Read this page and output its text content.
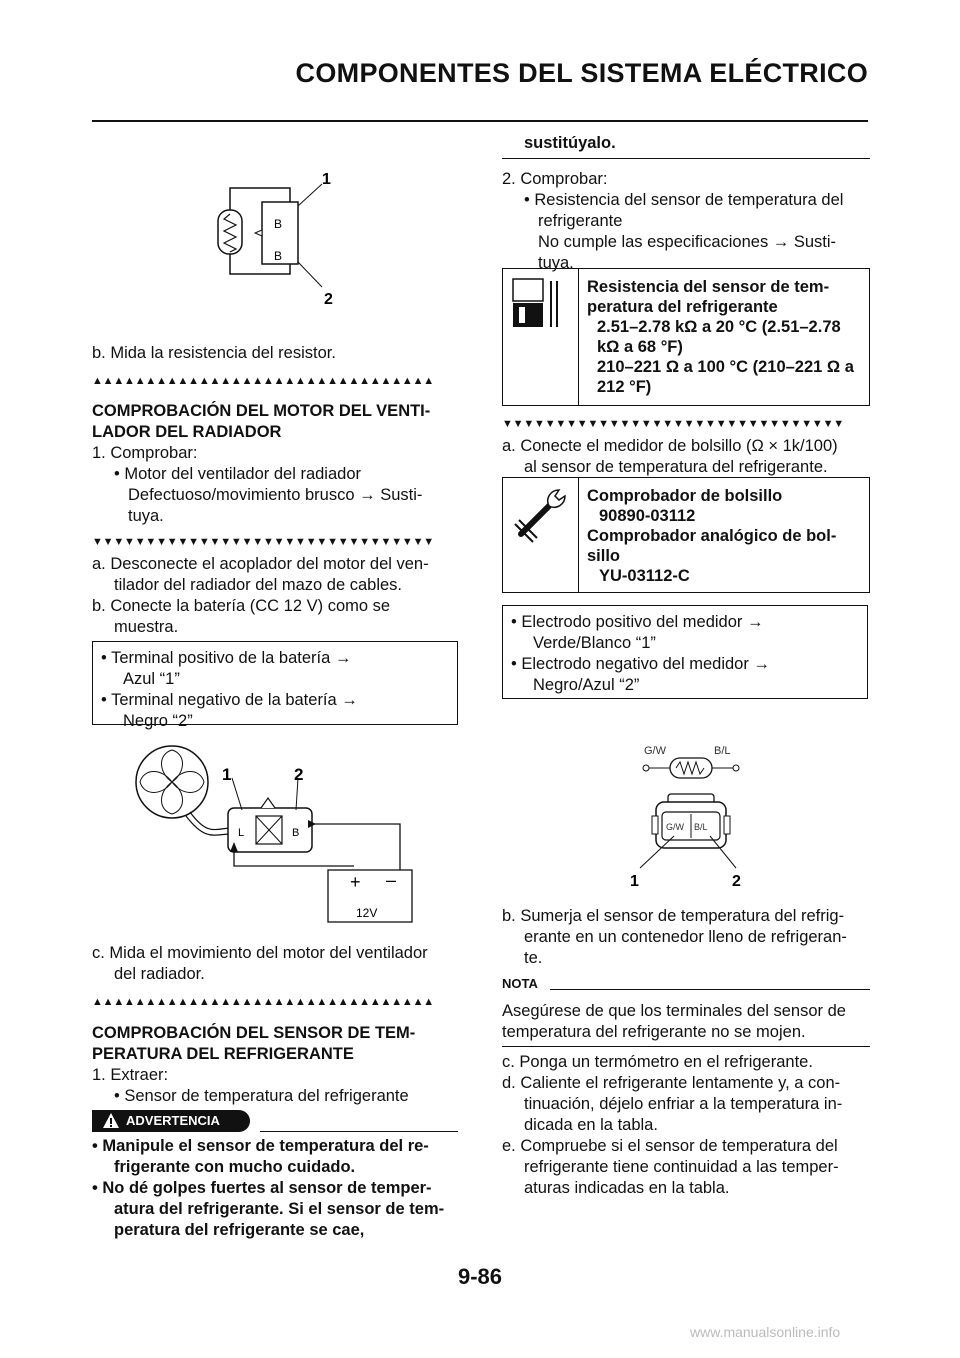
COMPONENTES DEL SISTEMA ELÉCTRICO
B
B
1
2

b. Mida la resistencia del resistor.

▲▲▲▲▲▲▲▲▲▲▲▲▲▲▲▲▲▲▲▲▲▲▲▲▲▲▲▲▲▲▲▲

COMPROBACIÓN DEL MOTOR DEL VENTI-

LADOR DEL RADIADOR

1. Comprobar:

• Motor del ventilador del radiador

Defectuoso/movimiento brusco → Susti-

tuya.

▼▼▼▼▼▼▼▼▼▼▼▼▼▼▼▼▼▼▼▼▼▼▼▼▼▼▼▼▼▼▼▼

a. Desconecte el acoplador del motor del ven-

tilador del radiador del mazo de cables.

b. Conecte la batería (CC 12 V) como se

muestra.

• Terminal positivo de la batería →

Azul “1”

• Terminal negativo de la batería →

Negro “2”

L	B
1	2
+ –
12V

c. Mida el movimiento del motor del ventilador

del radiador.

▲▲▲▲▲▲▲▲▲▲▲▲▲▲▲▲▲▲▲▲▲▲▲▲▲▲▲▲▲▲▲▲

COMPROBACIÓN DEL SENSOR DE TEM-

PERATURA DEL REFRIGERANTE

1. Extraer:

• Sensor de temperatura del refrigerante

ADVERTENCIA

• Manipule el sensor de temperatura del re-

frigerante con mucho cuidado.

• No dé golpes fuertes al sensor de temper-

atura del refrigerante. Si el sensor de tem-

peratura del refrigerante se cae,

sustitúyalo.

2. Comprobar:

• Resistencia del sensor de temperatura del

refrigerante

No cumple las especificaciones → Susti-

tuya.

Resistencia del sensor de tem-

peratura del refrigerante

2.51–2.78 kΩ a 20 °C (2.51–2.78

kΩ a 68 °F)

210–221 Ω a 100 °C (210–221 Ω a

212 °F)

▼▼▼▼▼▼▼▼▼▼▼▼▼▼▼▼▼▼▼▼▼▼▼▼▼▼▼▼▼▼▼▼

a. Conecte el medidor de bolsillo (Ω × 1k/100)

al sensor de temperatura del refrigerante.

Comprobador de bolsillo

90890-03112

Comprobador analógico de bol-

sillo

YU-03112-C

• Electrodo positivo del medidor →

Verde/Blanco “1”

• Electrodo negativo del medidor →

Negro/Azul “2”

G/W	B/L
G/W B/L
1	2

b. Sumerja el sensor de temperatura del refrig-

erante en un contenedor lleno de refrigeran-

te.

NOTA

Asegúrese de que los terminales del sensor de

temperatura del refrigerante no se mojen.

c. Ponga un termómetro en el refrigerante.

d. Caliente el refrigerante lentamente y, a con-

tinuación, déjelo enfriar a la temperatura in-

dicada en la tabla.

e. Compruebe si el sensor de temperatura del

refrigerante tiene continuidad a las temper-

aturas indicadas en la tabla.

9-86
www.manualsonline.info
